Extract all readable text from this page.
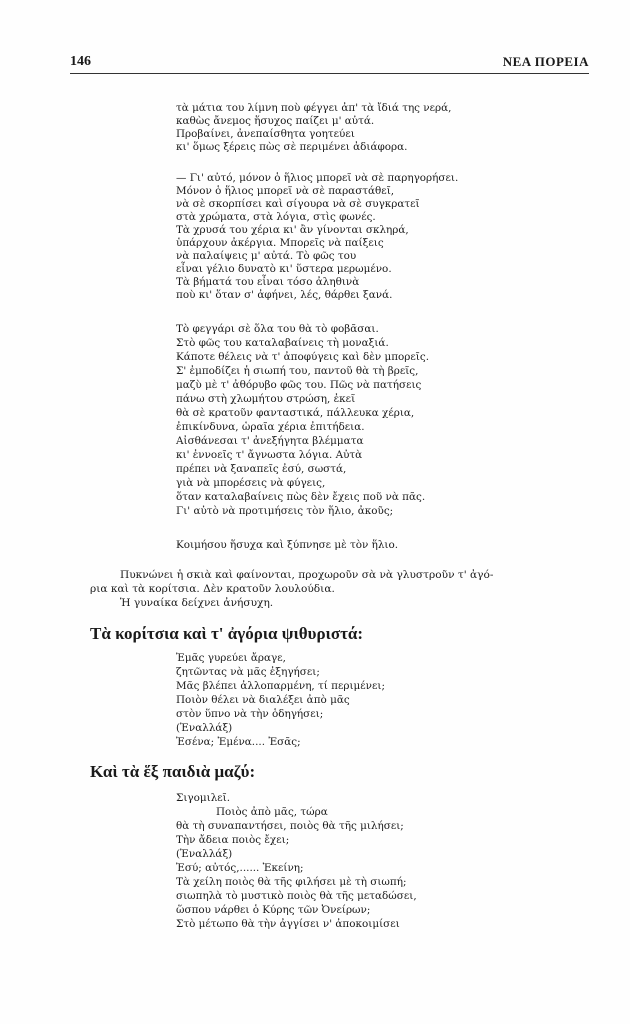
146	ΝΕΑ ΠΟΡΕΙΑ
τὰ μάτια του λίμνη ποὺ φέγγει ἀπ' τὰ ἴδιά της νερά,
καθὼς ἄνεμος ἥσυχος παίζει μ' αὐτά.
Προβαίνει, ἀνεπαίσθητα γοητεύει
κι' ὅμως ξέρεις πὼς σὲ περιμένει ἀδιάφορα.
— Γι' αὐτό, μόνον ὁ ἥλιος μπορεῖ νὰ σὲ παρηγορήσει.
Μόνον ὁ ἥλιος μπορεῖ νὰ σὲ παραστάθεῖ,
νὰ σὲ σκορπίσει καὶ σίγουρα νὰ σὲ συγκρατεῖ
στὰ χρώματα, στὰ λόγια, στὶς φωνές.
Τὰ χρυσά του χέρια κι' ἂν γίνονται σκληρά,
ὑπάρχουν ἀκέργια. Μπορεῖς νὰ παίξεις
νὰ παλαίψεις μ' αὐτά. Τὸ φῶς του
εἶναι γέλιο δυνατὸ κι' ὕστερα μερωμένο.
Τὰ βήματά του εἶναι τόσο ἀληθινὰ
ποὺ κι' ὅταν σ' ἀφήνει, λές, θάρθει ξανά.
Τὸ φεγγάρι σὲ ὅλα του θὰ τὸ φοβᾶσαι.
Στὸ φῶς του καταλαβαίνεις τὴ μοναξιά.
Κάποτε θέλεις νὰ τ' ἀποφύγεις καὶ δὲν μπορεῖς.
Σ' ἐμποδίζει ἡ σιωπή του, παντοῦ θὰ τὴ βρεῖς,
μαζὺ μὲ τ' ἀθόρυβο φῶς του. Πῶς νὰ πατήσεις
πάνω στὴ χλωμήτου στρώση, ἐκεῖ
θὰ σὲ κρατοῦν φανταστικά, πάλλευκα χέρια,
ἐπικίνδυνα, ὡραῖα χέρια ἐπιτήδεια.
Αἰσθάνεσαι τ' ἀνεξήγητα βλέμματα
κι' ἐννοεῖς τ' ἄγνωστα λόγια. Αὐτὰ
πρέπει νὰ ξαναπεῖς ἐσύ, σωστά,
γιὰ νὰ μπορέσεις νὰ φύγεις,
ὅταν καταλαβαίνεις πὼς δὲν ἔχεις ποῦ νὰ πᾶς.
Γι' αὐτὸ νὰ προτιμήσεις τὸν ἥλιο, ἀκοῦς;
Κοιμήσου ἥσυχα καὶ ξύπνησε μὲ τὸν ἥλιο.
Πυκνώνει ἡ σκιὰ καὶ φαίνονται, προχωροῦν σὰ νὰ γλυστροῦν τ' ἀγό-
ρια καὶ τὰ κορίτσια. Δὲν κρατοῦν λουλούδια.
Ἡ γυναίκα δείχνει ἀνήσυχη.
Τὰ κορίτσια καὶ τ' ἀγόρια ψιθυριστά:
Ἐμᾶς γυρεύει ἄραγε,
ζητῶντας νὰ μᾶς ἐξηγήσει;
Μᾶς βλέπει ἀλλοπαρμένη, τί περιμένει;
Ποιὸν θέλει νὰ διαλέξει ἀπὸ μᾶς
στὸν ὕπνο νὰ τὴν ὁδηγήσει;
(Ἐναλλάξ)
Ἐσένα; Ἐμένα.... Ἐσᾶς;
Καὶ τὰ ἕξ παιδιὰ μαζύ:
Σιγομιλεῖ.
Ποιὸς ἀπὸ μᾶς, τώρα
θὰ τὴ συναπαντήσει, ποιὸς θὰ τῆς μιλήσει;
Τὴν ἄδεια ποιὸς ἔχει;
(Ἐναλλάξ)
Ἐσύ; αὐτός,...... Ἐκείνη;
Τὰ χείλη ποιὸς θὰ τῆς φιλήσει μὲ τὴ σιωπή;
σιωπηλὰ τὸ μυστικὸ ποιὸς θὰ τῆς μεταδώσει,
ὥσπου νάρθει ὁ Κύρης τῶν Ὀνείρων;
Στὸ μέτωπο θὰ τὴν ἀγγίσει ν' ἀποκοιμίσει
